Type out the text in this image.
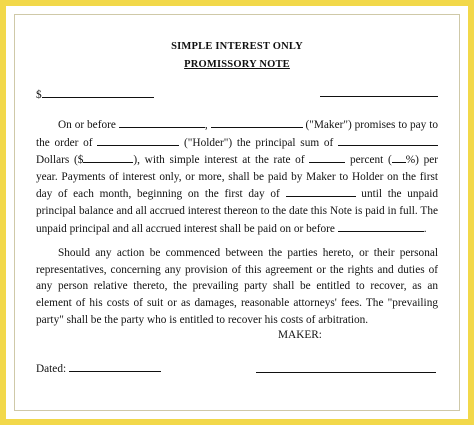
SIMPLE INTEREST ONLY
PROMISSORY NOTE
$
On or before	,	("Maker") promises to pay to the order of	("Holder") the principal sum of  Dollars ($	), with simple interest at the rate of	percent ( %) per year. Payments of interest only, or more, shall be paid by Maker to Holder on the first day of each month, beginning on the first day of	until the unpaid principal balance and all accrued interest thereon to the date this Note is paid in full. The unpaid principal and all accrued interest shall be paid on or before	.
Should any action be commenced between the parties hereto, or their personal representatives, concerning any provision of this agreement or the rights and duties of any person relative thereto, the prevailing party shall be entitled to recover, as an element of his costs of suit or as damages, reasonable attorneys' fees. The "prevailing party" shall be the party who is entitled to recover his costs of arbitration.
MAKER:
Dated:
